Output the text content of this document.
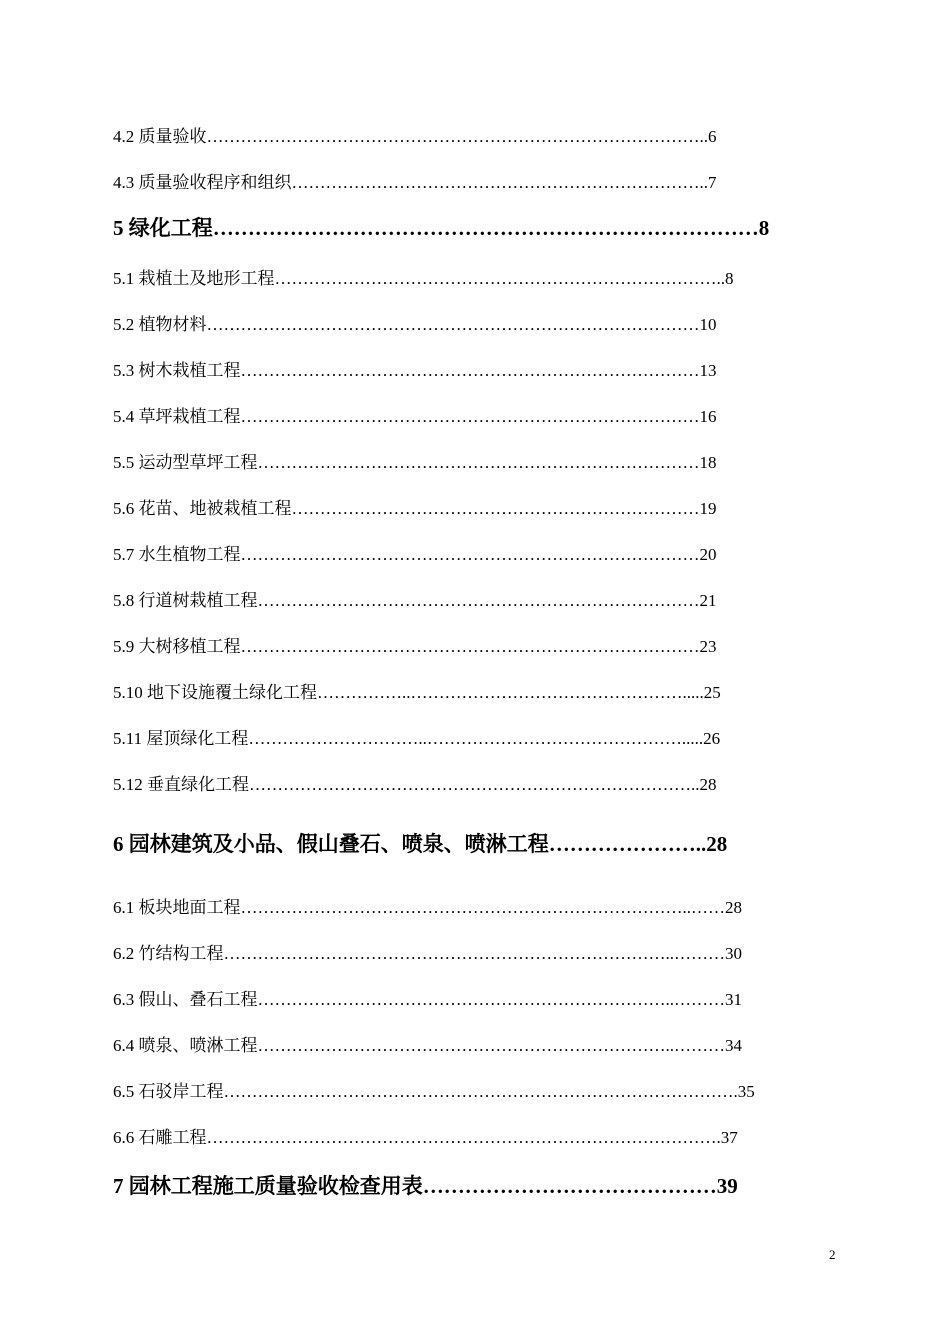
4.2 质量验收……………………………………………………………………………..6
4.3 质量验收程序和组织………………………………………………………………..7
5 绿化工程……………………………………………………………………8
5.1 栽植土及地形工程……………………………………………………………………..8
5.2 植物材料……………………………………………………………………………10
5.3 树木栽植工程………………………………………………………………………13
5.4 草坪栽植工程………………………………………………………………………16
5.5 运动型草坪工程……………………………………………………………………18
5.6 花苗、地被栽植工程………………………………………………………………19
5.7 水生植物工程………………………………………………………………………20
5.8 行道树栽植工程……………………………………………………………………21
5.9 大树移植工程………………………………………………………………………23
5.10 地下设施覆土绿化工程……………..………………………………………….....25
5.11 屋顶绿化工程…………………………..……………………………………….....26
5.12 垂直绿化工程……………………………………………………………………..28
6 园林建筑及小品、假山叠石、喷泉、喷淋工程…………………..28
6.1 板块地面工程……………………………………………………………………..……28
6.2 竹结构工程……………………………………………………………………..………30
6.3 假山、叠石工程………………………………………………………………..………31
6.4 喷泉、喷淋工程………………………………………………………………..………34
6.5 石驳岸工程……………………………………………………………………………….35
6.6 石雕工程……………………………………………………………………………….37
7 园林工程施工质量验收检查用表……………………………………39
2
